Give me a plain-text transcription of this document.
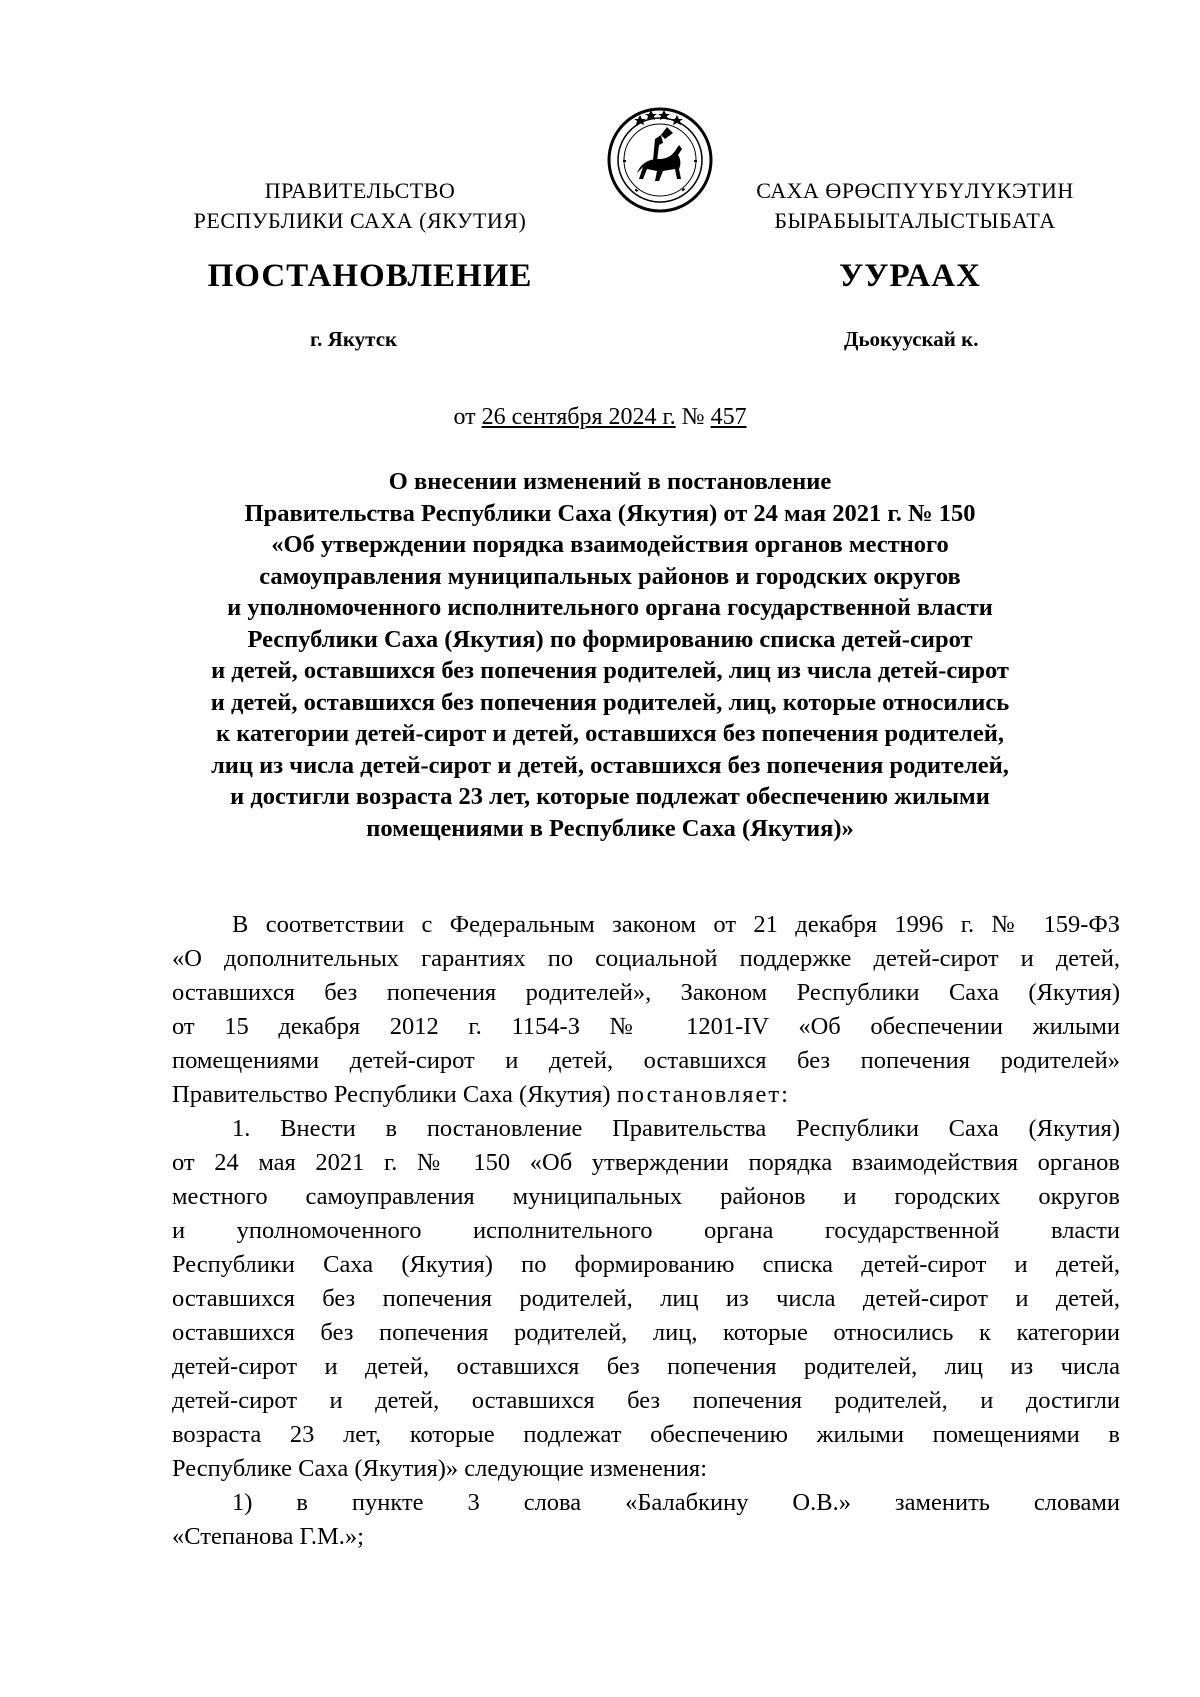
ПРАВИТЕЛЬСТВО
РЕСПУБЛИКИ САХА (ЯКУТИЯ)
САХА ӨРӨСПҮҮБҮЛҮКЭТИН
БЫРАБЫЫТАЛЫСТЫБАТА
ПОСТАНОВЛЕНИЕ	УУРААХ
г. Якутск	Дьокуускай к.
от 26 сентября 2024 г. № 457
О внесении изменений в постановление
Правительства Республики Саха (Якутия) от 24 мая 2021 г. № 150
«Об утверждении порядка взаимодействия органов местного
самоуправления муниципальных районов и городских округов
и уполномоченного исполнительного органа государственной власти
Республики Саха (Якутия) по формированию списка детей-сирот
и детей, оставшихся без попечения родителей, лиц из числа детей-сирот
и детей, оставшихся без попечения родителей, лиц, которые относились
к категории детей-сирот и детей, оставшихся без попечения родителей,
лиц из числа детей-сирот и детей, оставшихся без попечения родителей,
и достигли возраста 23 лет, которые подлежат обеспечению жилыми
помещениями в Республике Саха (Якутия)»
В соответствии с Федеральным законом от 21 декабря 1996 г. № 159-ФЗ
«О дополнительных гарантиях по социальной поддержке детей-сирот и детей,
оставшихся без попечения родителей», Законом Республики Саха (Якутия)
от 15 декабря 2012 г. 1154-З № 1201-IV «Об обеспечении жилыми
помещениями детей-сирот и детей, оставшихся без попечения родителей»
Правительство Республики Саха (Якутия) постановляет:
1. Внести в постановление Правительства Республики Саха (Якутия)
от 24 мая 2021 г. № 150 «Об утверждении порядка взаимодействия органов
местного самоуправления муниципальных районов и городских округов
и уполномоченного исполнительного органа государственной власти
Республики Саха (Якутия) по формированию списка детей-сирот и детей,
оставшихся без попечения родителей, лиц из числа детей-сирот и детей,
оставшихся без попечения родителей, лиц, которые относились к категории
детей-сирот и детей, оставшихся без попечения родителей, лиц из числа
детей-сирот и детей, оставшихся без попечения родителей, и достигли
возраста 23 лет, которые подлежат обеспечению жилыми помещениями в
Республике Саха (Якутия)» следующие изменения:
1) в пункте 3 слова «Балабкину О.В.» заменить словами
«Степанова Г.М.»;
